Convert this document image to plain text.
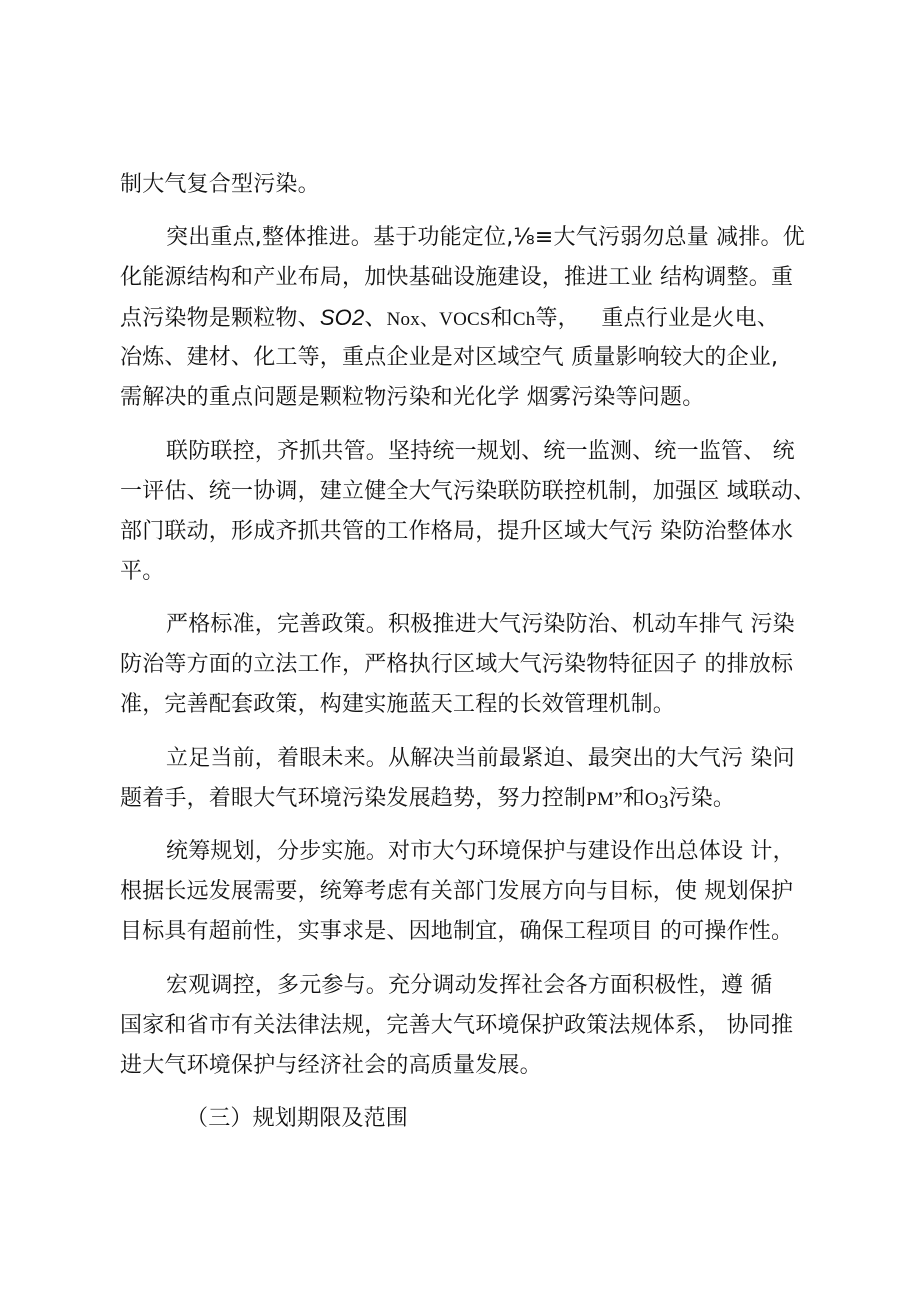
制大气复合型污染。
突出重点,整体推进。基于功能定位,⅛≡大气污弱勿总量 减排。优
化能源结构和产业布局，加快基础设施建设，推进工业 结构调整。重
点污染物是颗粒物、SO2、Nox、VOCS和Ch等，   重点行业是火电、
冶炼、建材、化工等，重点企业是对区域空气 质量影响较大的企业,
需解决的重点问题是颗粒物污染和光化学 烟雾污染等问题。
联防联控，齐抓共管。坚持统一规划、统一监测、统一监管、 统
一评估、统一协调，建立健全大气污染联防联控机制，加强区 域联动、
部门联动，形成齐抓共管的工作格局，提升区域大气污 染防治整体水
平。
严格标准，完善政策。积极推进大气污染防治、机动车排气 污染
防治等方面的立法工作，严格执行区域大气污染物特征因子 的排放标
准，完善配套政策，构建实施蓝天工程的长效管理机制。
立足当前，着眼未来。从解决当前最紧迫、最突出的大气污 染问
题着手，着眼大气环境污染发展趋势，努力控制PM”和$O_3$污染。
统筹规划，分步实施。对市大勺环境保护与建设作出总体设 计，
根据长远发展需要，统筹考虑有关部门发展方向与目标，使 规划保护
目标具有超前性，实事求是、因地制宜，确保工程项目 的可操作性。
宏观调控，多元参与。充分调动发挥社会各方面积极性，遵 循
国家和省市有关法律法规，完善大气环境保护政策法规体系， 协同推
进大气环境保护与经济社会的高质量发展。
（三）规划期限及范围
